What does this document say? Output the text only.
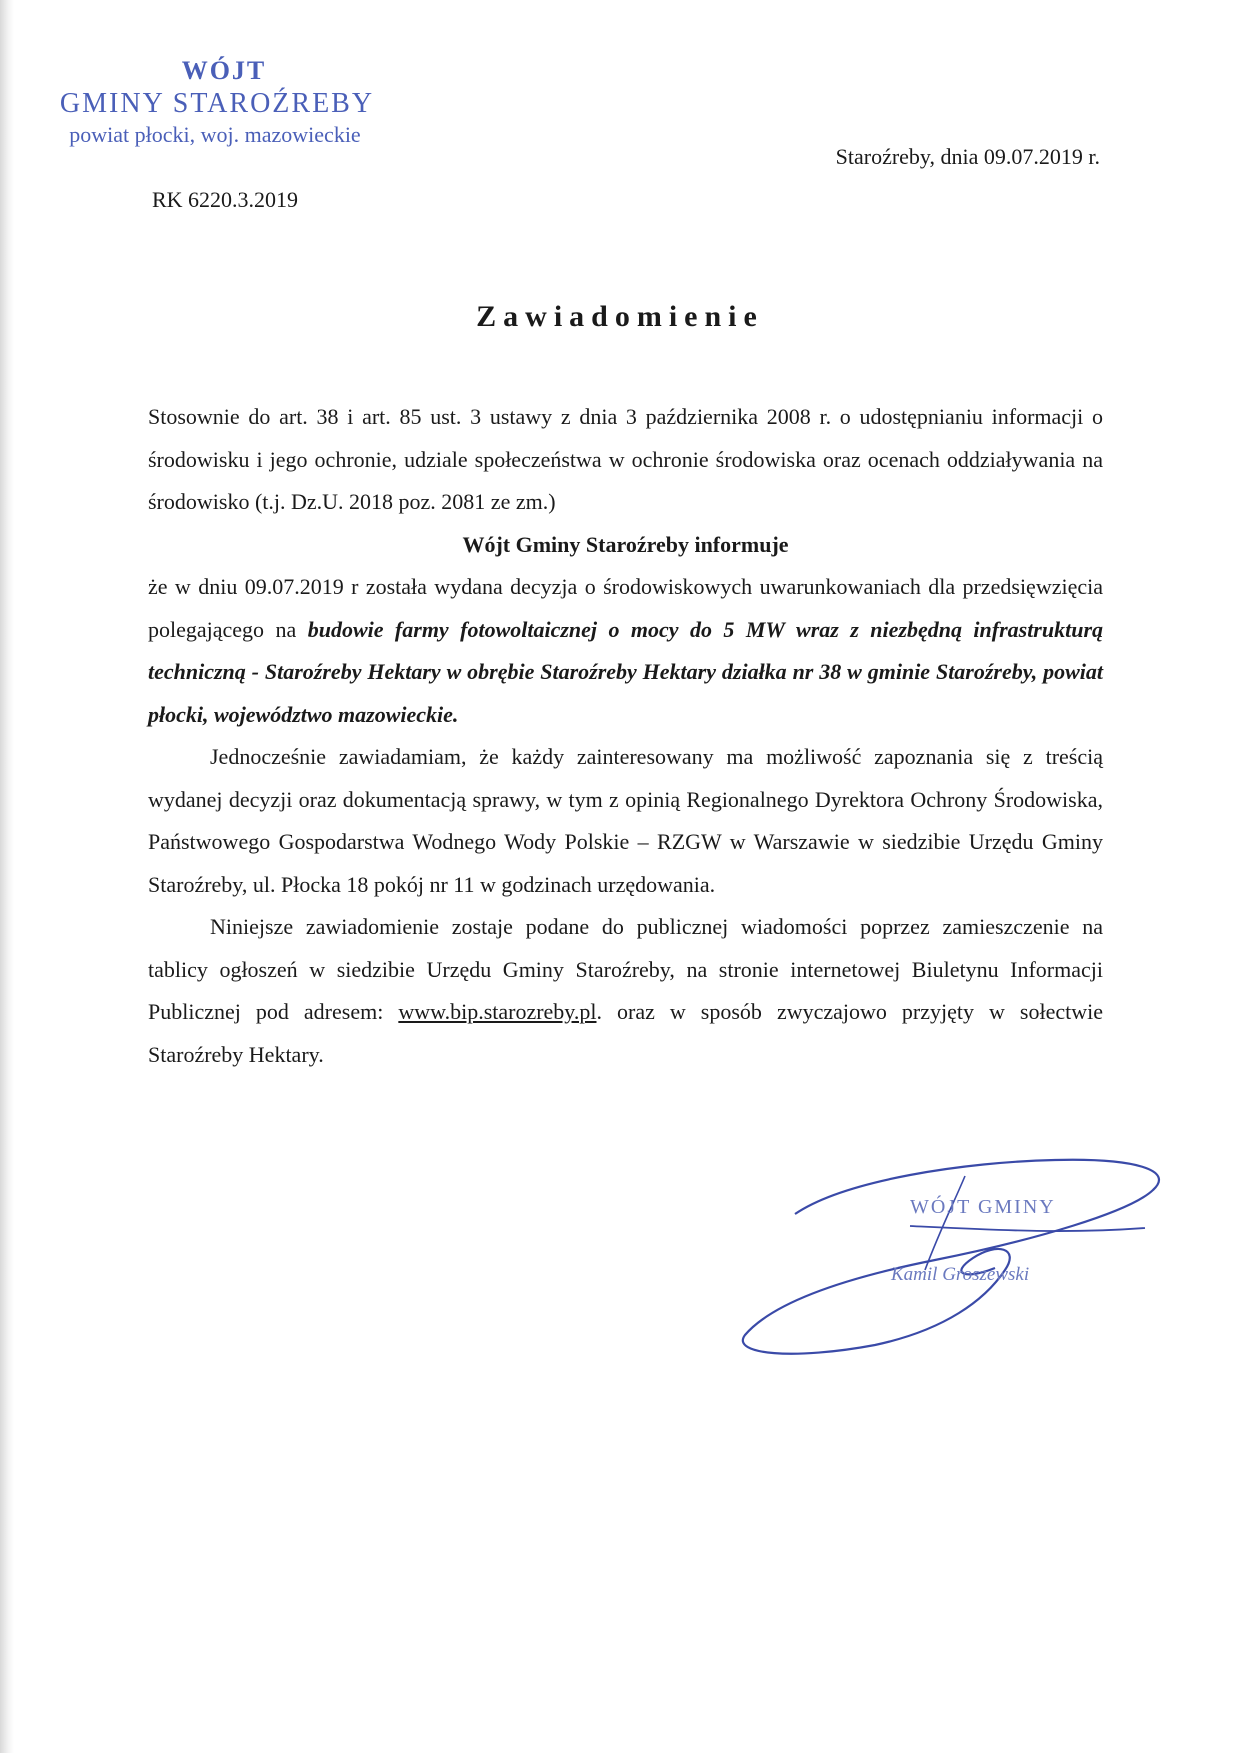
WÓJT
GMINY STAROŹREBY
powiat płocki, woj. mazowieckie
Staroźreby, dnia 09.07.2019 r.
RK 6220.3.2019
Zawiadomienie

Stosownie do art. 38 i art. 85 ust. 3 ustawy z dnia 3 października 2008 r. o udostępnianiu informacji o środowisku i jego ochronie, udziale społeczeństwa w ochronie środowiska oraz ocenach oddziaływania na środowisko (t.j. Dz.U. 2018 poz. 2081 ze zm.)

Wójt Gminy Staroźreby informuje

że w dniu 09.07.2019 r została wydana decyzja o środowiskowych uwarunkowaniach dla przedsięwzięcia polegającego na budowie farmy fotowoltaicznej o mocy do 5 MW wraz z niezbędną infrastrukturą techniczną - Staroźreby Hektary w obrębie Staroźreby Hektary działka nr 38 w gminie Staroźreby, powiat płocki, województwo mazowieckie.

Jednocześnie zawiadamiam, że każdy zainteresowany ma możliwość zapoznania się z treścią wydanej decyzji oraz dokumentacją sprawy, w tym z opinią Regionalnego Dyrektora Ochrony Środowiska, Państwowego Gospodarstwa Wodnego Wody Polskie – RZGW w Warszawie w siedzibie Urzędu Gminy Staroźreby, ul. Płocka 18 pokój nr 11 w godzinach urzędowania.

Niniejsze zawiadomienie zostaje podane do publicznej wiadomości poprzez zamieszczenie na tablicy ogłoszeń w siedzibie Urzędu Gminy Staroźreby, na stronie internetowej Biuletynu Informacji Publicznej pod adresem: www.bip.starozreby.pl. oraz w sposób zwyczajowo przyjęty w sołectwie Staroźreby Hektary.

WÓJT GMINY
Kamil Groszewski
